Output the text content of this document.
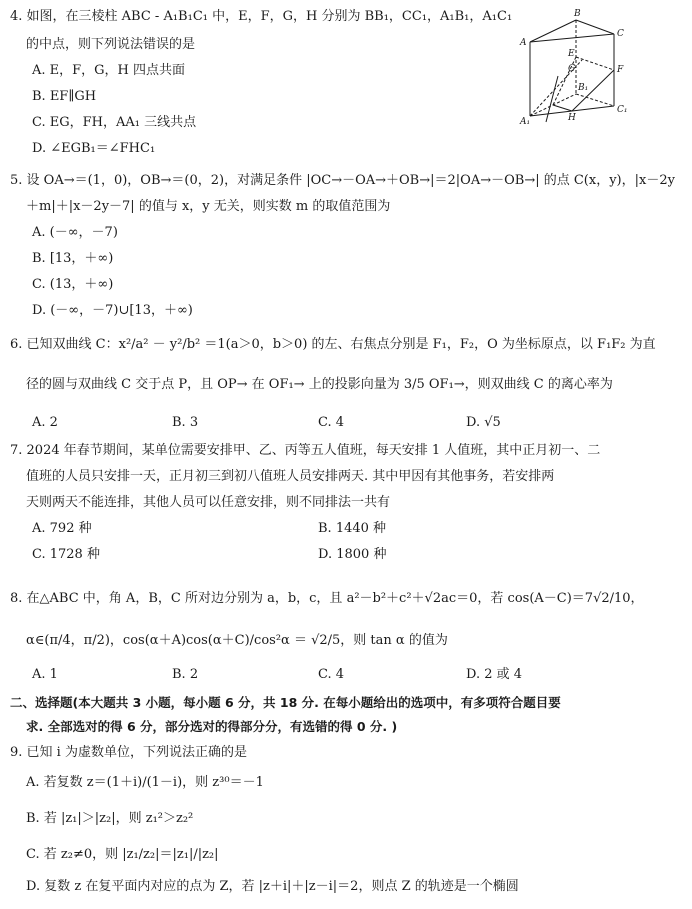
4. 如图，在三棱柱 ABC - A₁B₁C₁ 中，E，F，G，H 分别为 BB₁，CC₁，A₁B₁，A₁C₁
的中点，则下列说法错误的是
A. E，F，G，H 四点共面
B. EF∥GH
C. EG，FH，AA₁ 三线共点
D. ∠EGB₁＝∠FHC₁
B
A
C
E
G	F
B₁
A₁	H
C₁
5. 设 OA→＝(1，0)，OB→＝(0，2)，对满足条件 |OC→－OA→＋OB→|＝2|OA→－OB→| 的点 C(x，y)，|x－2y
＋m|＋|x－2y－7| 的值与 x，y 无关，则实数 m 的取值范围为
A. (－∞，－7)
B. [13，＋∞)
C. (13，＋∞)
D. (－∞，－7)∪[13，＋∞)
6. 已知双曲线 C：x²/a² － y²/b² ＝1(a＞0，b＞0) 的左、右焦点分别是 F₁，F₂，O 为坐标原点，以 F₁F₂ 为直
径的圆与双曲线 C 交于点 P，且 OP→ 在 OF₁→ 上的投影向量为 3/5 OF₁→，则双曲线 C 的离心率为
A. 2	B. 3	C. 4	D. √5
7. 2024 年春节期间，某单位需要安排甲、乙、丙等五人值班，每天安排 1 人值班，其中正月初一、二
值班的人员只安排一天，正月初三到初八值班人员安排两天. 其中甲因有其他事务，若安排两
天则两天不能连排，其他人员可以任意安排，则不同排法一共有
A. 792 种	B. 1440 种
C. 1728 种	D. 1800 种
8. 在△ABC 中，角 A，B，C 所对边分别为 a，b，c，且 a²－b²＋c²＋√2ac＝0，若 cos(A－C)＝7√2/10，
α∈(π/4，π/2)，cos(α＋A)cos(α＋C)/cos²α ＝ √2/5，则 tan α 的值为
A. 1	B. 2	C. 4	D. 2 或 4
二、选择题(本大题共 3 小题，每小题 6 分，共 18 分. 在每小题给出的选项中，有多项符合题目要
求. 全部选对的得 6 分，部分选对的得部分分，有选错的得 0 分. )
9. 已知 i 为虚数单位，下列说法正确的是
A. 若复数 z＝(1＋i)/(1－i)，则 z³⁰＝－1
B. 若 |z₁|＞|z₂|，则 z₁²＞z₂²
C. 若 z₂≠0，则 |z₁/z₂|＝|z₁|/|z₂|
D. 复数 z 在复平面内对应的点为 Z，若 |z＋i|＋|z－i|＝2，则点 Z 的轨迹是一个椭圆
